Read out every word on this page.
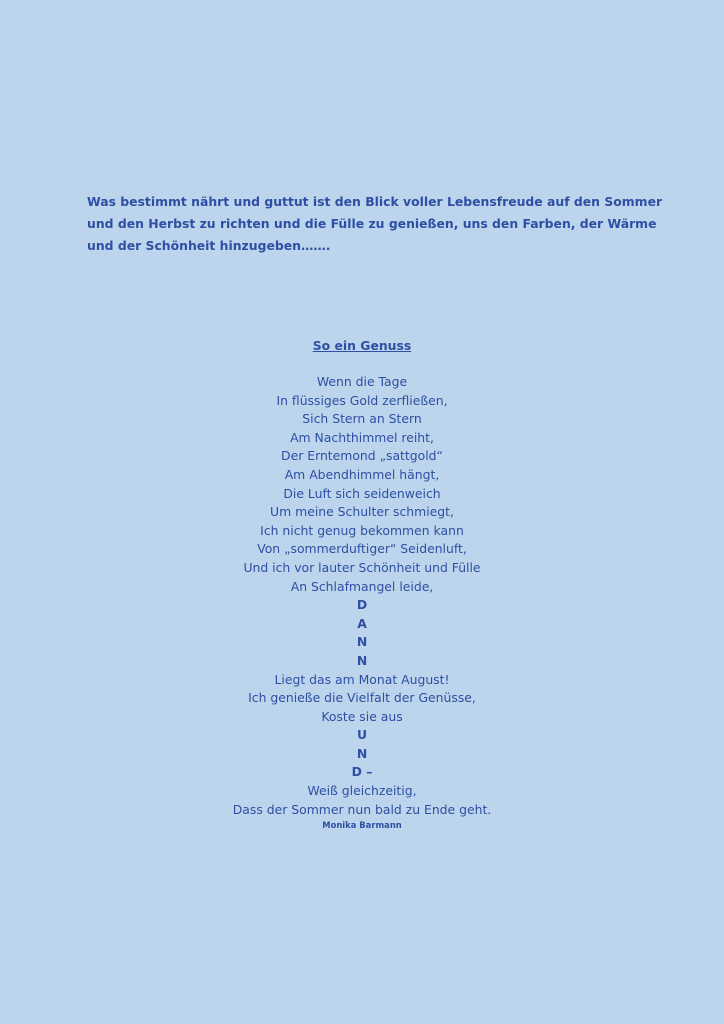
Was bestimmt nährt und guttut ist den Blick voller Lebensfreude auf den Sommer
und den Herbst zu richten und die Fülle zu genießen, uns den Farben, der Wärme
und der Schönheit hinzugeben…….
So ein Genuss
Wenn die Tage
In flüssiges Gold zerfließen,
Sich Stern an Stern
Am Nachthimmel reiht,
Der Erntemond „sattgold“
Am Abendhimmel hängt,
Die Luft sich seidenweich
Um meine Schulter schmiegt,
Ich nicht genug bekommen kann
Von „sommerduftiger“ Seidenluft,
Und ich vor lauter Schönheit und Fülle
An Schlafmangel leide,
D
A
N
N
Liegt das am Monat August!
Ich genieße die Vielfalt der Genüsse,
Koste sie aus
U
N
D –
Weiß gleichzeitig,
Dass der Sommer nun bald zu Ende geht.
Monika Barmann
